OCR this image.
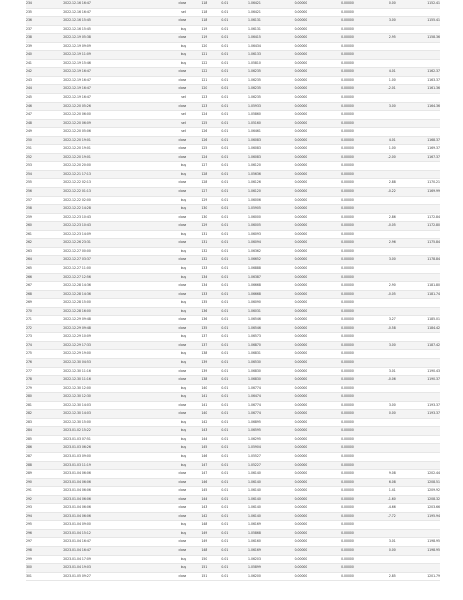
234	2022.12.16 16:47	close	118	0.01	1.06421	0.00000	0.00000	0.00	1152.41
235	2022.12.16 16:47	sell	118	0.01	1.06421	0.00000	0.00000		
236	2022.12.16 15:45	close	118	0.01	1.06131	0.00000	0.00000	3.00	1155.41
237	2022.12.16 15:45	buy	119	0.01	1.06131	0.00000	0.00000		
238	2022.12.19 05:38	close	119	0.01	1.06415	0.00000	0.00000	2.95	1158.36
239	2022.12.19 09:09	buy	120	0.01	1.06434	0.00000	0.00000		
240	2022.12.19 11:09	buy	121	0.01	1.06133	0.00000	0.00000		
241	2022.12.19 15:46	buy	122	0.01	1.05810	0.00000	0.00000		
242	2022.12.19 16:47	close	122	0.01	1.06235	0.00000	0.00000	4.01	1162.37
243	2022.12.19 16:47	close	121	0.01	1.06235	0.00000	0.00000	1.00	1163.37
244	2022.12.19 16:47	close	120	0.01	1.06235	0.00000	0.00000	-2.01	1161.36
245	2022.12.19 16:47	sell	123	0.01	1.06235	0.00000	0.00000		
246	2022.12.20 05:26	close	123	0.01	1.05933	0.00000	0.00000	3.00	1164.36
247	2022.12.20 06:00	sell	124	0.01	1.05860	0.00000	0.00000		
248	2022.12.20 06:09	sell	125	0.01	1.05160	0.00000	0.00000		
249	2022.12.20 05:06	sell	126	0.01	1.06461	0.00000	0.00000		
250	2022.12.20 19:01	close	126	0.01	1.06083	0.00000	0.00000	4.01	1168.37
251	2022.12.20 19:01	close	125	0.01	1.06083	0.00000	0.00000	1.00	1169.37
252	2022.12.20 19:01	close	124	0.01	1.06083	0.00000	0.00000	-2.00	1167.37
253	2022.12.20 20:00	buy	127	0.01	1.06120	0.00000	0.00000		
254	2022.12.21 17:13	buy	128	0.01	1.05636	0.00000	0.00000		
255	2022.12.22 02:13	close	128	0.01	1.06126	0.00000	0.00000	2.88	1170.21
256	2022.12.22 01:13	close	127	0.01	1.06120	0.00000	0.00000	-0.22	1169.99
257	2022.12.22 02:00	buy	129	0.01	1.06006	0.00000	0.00000		
258	2022.12.22 14:28	buy	130	0.01	1.05905	0.00000	0.00000		
259	2022.12.23 10:43	close	130	0.01	1.06000	0.00000	0.00000	2.86	1172.84
260	2022.12.23 10:43	close	129	0.01	1.06005	0.00000	0.00000	-0.05	1172.80
261	2022.12.23 14:09	buy	131	0.01	1.06093	0.00000	0.00000		
262	2022.12.26 23:31	close	131	0.01	1.06094	0.00000	0.00000	2.96	1175.84
263	2022.12.27 00:00	buy	132	0.01	1.06362	0.00000	0.00000		
264	2022.12.27 03:37	close	132	0.01	1.06652	0.00000	0.00000	3.00	1178.84
265	2022.12.27 11:00	buy	133	0.01	1.06888	0.00000	0.00000		
266	2022.12.27 12:56	buy	134	0.01	1.06387	0.00000	0.00000		
267	2022.12.28 14:36	close	134	0.01	1.06668	0.00000	0.00000	2.90	1181.80
268	2022.12.28 14:36	close	133	0.01	1.06668	0.00000	0.00000	-0.05	1181.74
269	2022.12.28 15:00	buy	135	0.01	1.06090	0.00000	0.00000		
270	2022.12.28 16:00	buy	136	0.01	1.06031	0.00000	0.00000		
271	2022.12.29 09:48	close	136	0.01	1.06546	0.00000	0.00000	3.27	1185.01
272	2022.12.29 09:48	close	135	0.01	1.06546	0.00000	0.00000	-0.58	1184.42
273	2022.12.29 10:09	buy	137	0.01	1.06573	0.00000	0.00000		
274	2022.12.29 17:33	close	137	0.01	1.06870	0.00000	0.00000	3.00	1187.42
275	2022.12.29 19:00	buy	138	0.01	1.06831	0.00000	0.00000		
276	2022.12.30 04:53	buy	139	0.01	1.06530	0.00000	0.00000		
277	2022.12.30 11:16	close	139	0.01	1.06830	0.00000	0.00000	3.01	1190.43
278	2022.12.30 11:16	close	138	0.01	1.06830	0.00000	0.00000	-0.06	1190.37
279	2022.12.30 12:00	buy	140	0.01	1.06774	0.00000	0.00000		
280	2022.12.30 12:30	buy	141	0.01	1.06474	0.00000	0.00000		
281	2022.12.30 14:03	close	141	0.01	1.06774	0.00000	0.00000	3.00	1193.37
282	2022.12.30 14:03	close	140	0.01	1.06774	0.00000	0.00000	0.00	1193.37
283	2022.12.30 15:00	buy	142	0.01	1.06895	0.00000	0.00000		
284	2023.01.02 15:22	buy	143	0.01	1.06595	0.00000	0.00000		
285	2023.01.03 07:51	buy	144	0.01	1.06295	0.00000	0.00000		
286	2023.01.03 06:26	buy	145	0.01	1.05904	0.00000	0.00000		
287	2023.01.03 09:00	buy	146	0.01	1.05527	0.00000	0.00000		
288	2023.01.03 11:19	buy	147	0.01	1.05227	0.00000	0.00000		
289	2023.01.04 06:06	close	147	0.01	1.06140	0.00000	0.00000	9.08	1202.44
290	2023.01.04 06:06	close	146	0.01	1.06140	0.00000	0.00000	6.08	1208.51
291	2023.01.04 06:06	close	145	0.01	1.06140	0.00000	0.00000	1.41	1209.92
292	2023.01.04 06:06	close	144	0.01	1.06140	0.00000	0.00000	-1.60	1208.32
293	2023.01.04 06:06	close	143	0.01	1.06140	0.00000	0.00000	-4.66	1203.66
294	2023.01.04 06:06	close	142	0.01	1.06140	0.00000	0.00000	-7.72	1195.94
295	2023.01.04 09:00	buy	148	0.01	1.06169	0.00000	0.00000		
296	2023.01.04 15:12	buy	149	0.01	1.05868	0.00000	0.00000		
297	2023.01.04 16:47	close	149	0.01	1.06160	0.00000	0.00000	3.01	1198.95
298	2023.01.04 16:47	close	148	0.01	1.06169	0.00000	0.00000	0.00	1198.95
299	2023.01.04 17:09	buy	150	0.01	1.06203	0.00000	0.00000		
300	2023.01.04 19:03	buy	151	0.01	1.05899	0.00000	0.00000		
301	2023.01.05 09:27	close	151	0.01	1.06200	0.00000	0.00000	2.85	1201.79
